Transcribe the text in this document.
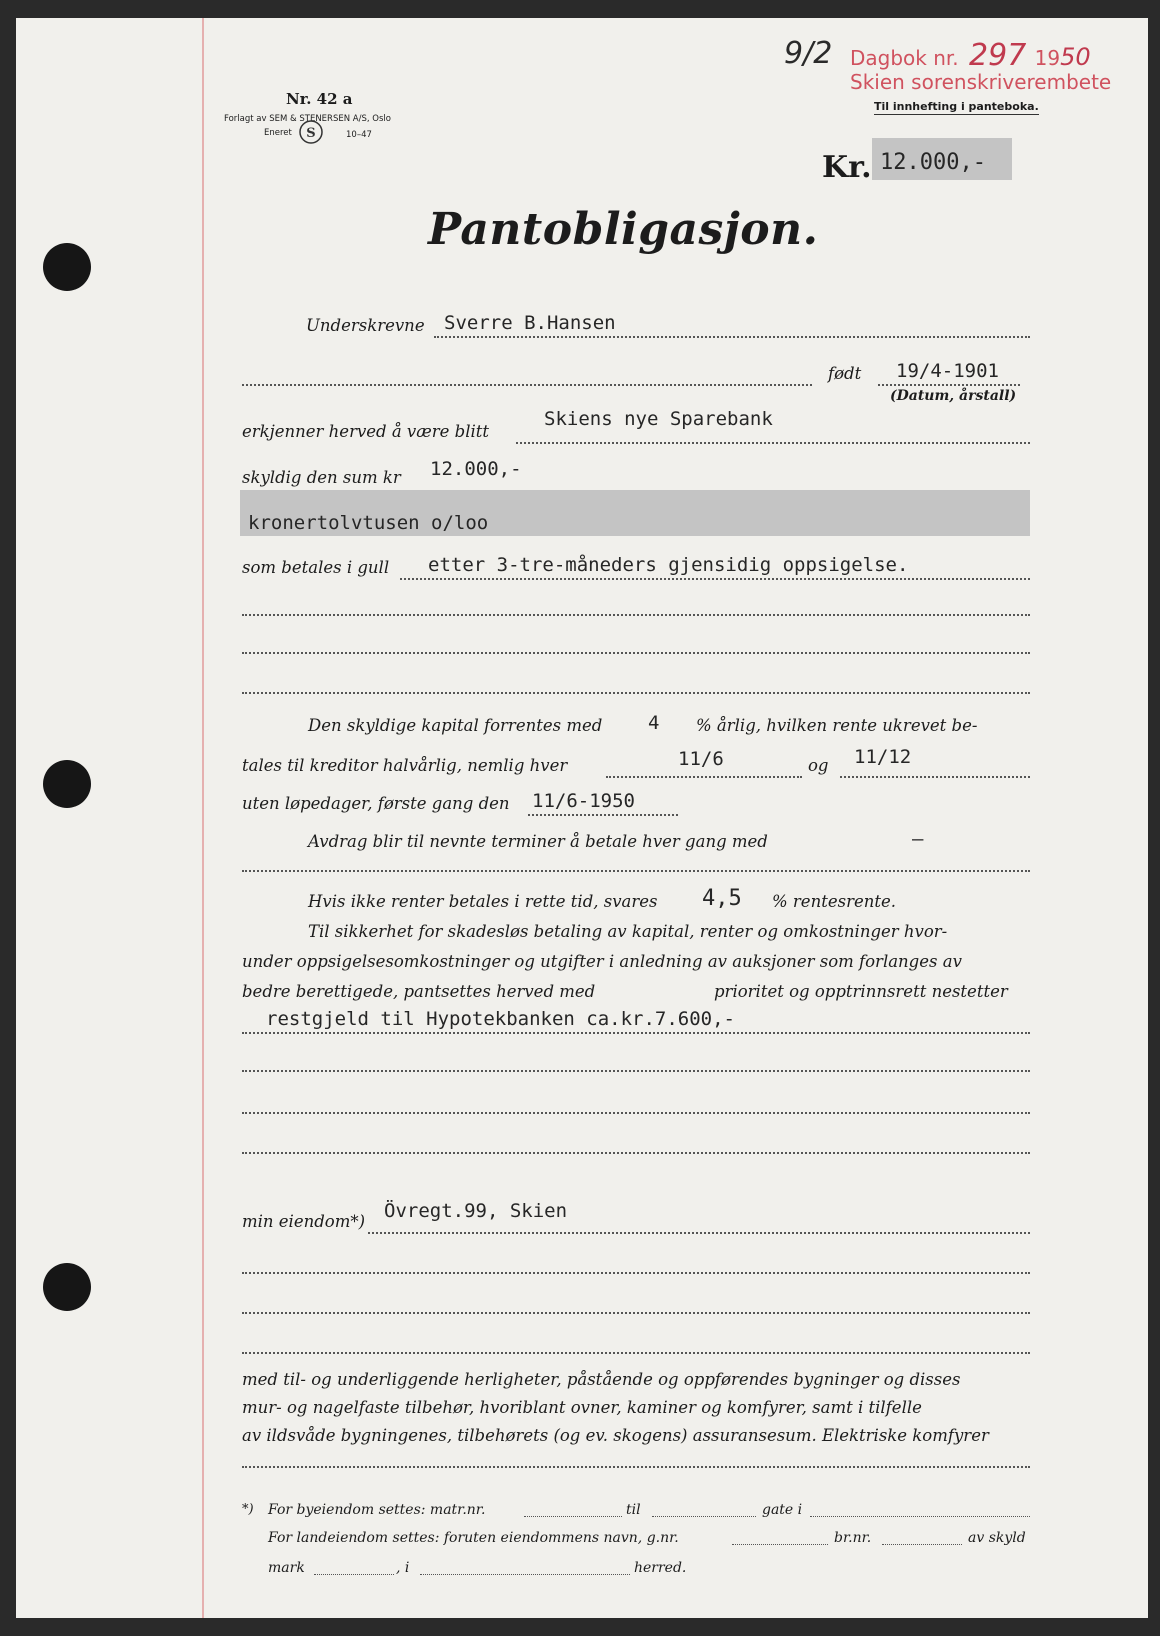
Nr. 42 a
Forlagt av SEM & STENERSEN A/S, Oslo
Eneret S	10–47
9/2 Dagbok nr. 297 1950
Skien sorenskriverembete
Til innhefting i panteboka.
Kr. 12.000,-
Pantobligasjon.
Underskrevne Sverre B.Hansen
født 19/4-1901
(Datum, årstall)
erkjenner herved å være blitt
Skiens nye Sparebank
skyldig den sum kr 12.000,-
kronertolvtusen o/loo
som betales i gull etter 3-tre-måneders gjensidig oppsigelse.
Den skyldige kapital forrentes med 4 % årlig, hvilken rente ukrevet be-
tales til kreditor halvårlig, nemlig hver	11/6	og 11/12
uten løpedager, første gang den 11/6-1950
Avdrag blir til nevnte terminer å betale hver gang med	—
Hvis ikke renter betales i rette tid, svares 4,5 % rentesrente.
Til sikkerhet for skadesløs betaling av kapital, renter og omkostninger hvor-
under oppsigelsesomkostninger og utgifter i anledning av auksjoner som forlanges av
bedre berettigede, pantsettes herved med	prioritet og opptrinnsrett nestetter
restgjeld til Hypotekbanken ca.kr.7.600,-
min eiendom*) Övregt.99, Skien
med til- og underliggende herligheter, påstående og oppførendes bygninger og disses
mur- og nagelfaste tilbehør, hvoriblant ovner, kaminer og komfyrer, samt i tilfelle
av ildsvåde bygningenes, tilbehørets (og ev. skogens) assuransesum. Elektriske komfyrer
*) For byeiendom settes: matr.nr.	til	gate i
For landeiendom settes: foruten eiendommens navn, g.nr.	br.nr.	av skyld
mark	, i	herred.
